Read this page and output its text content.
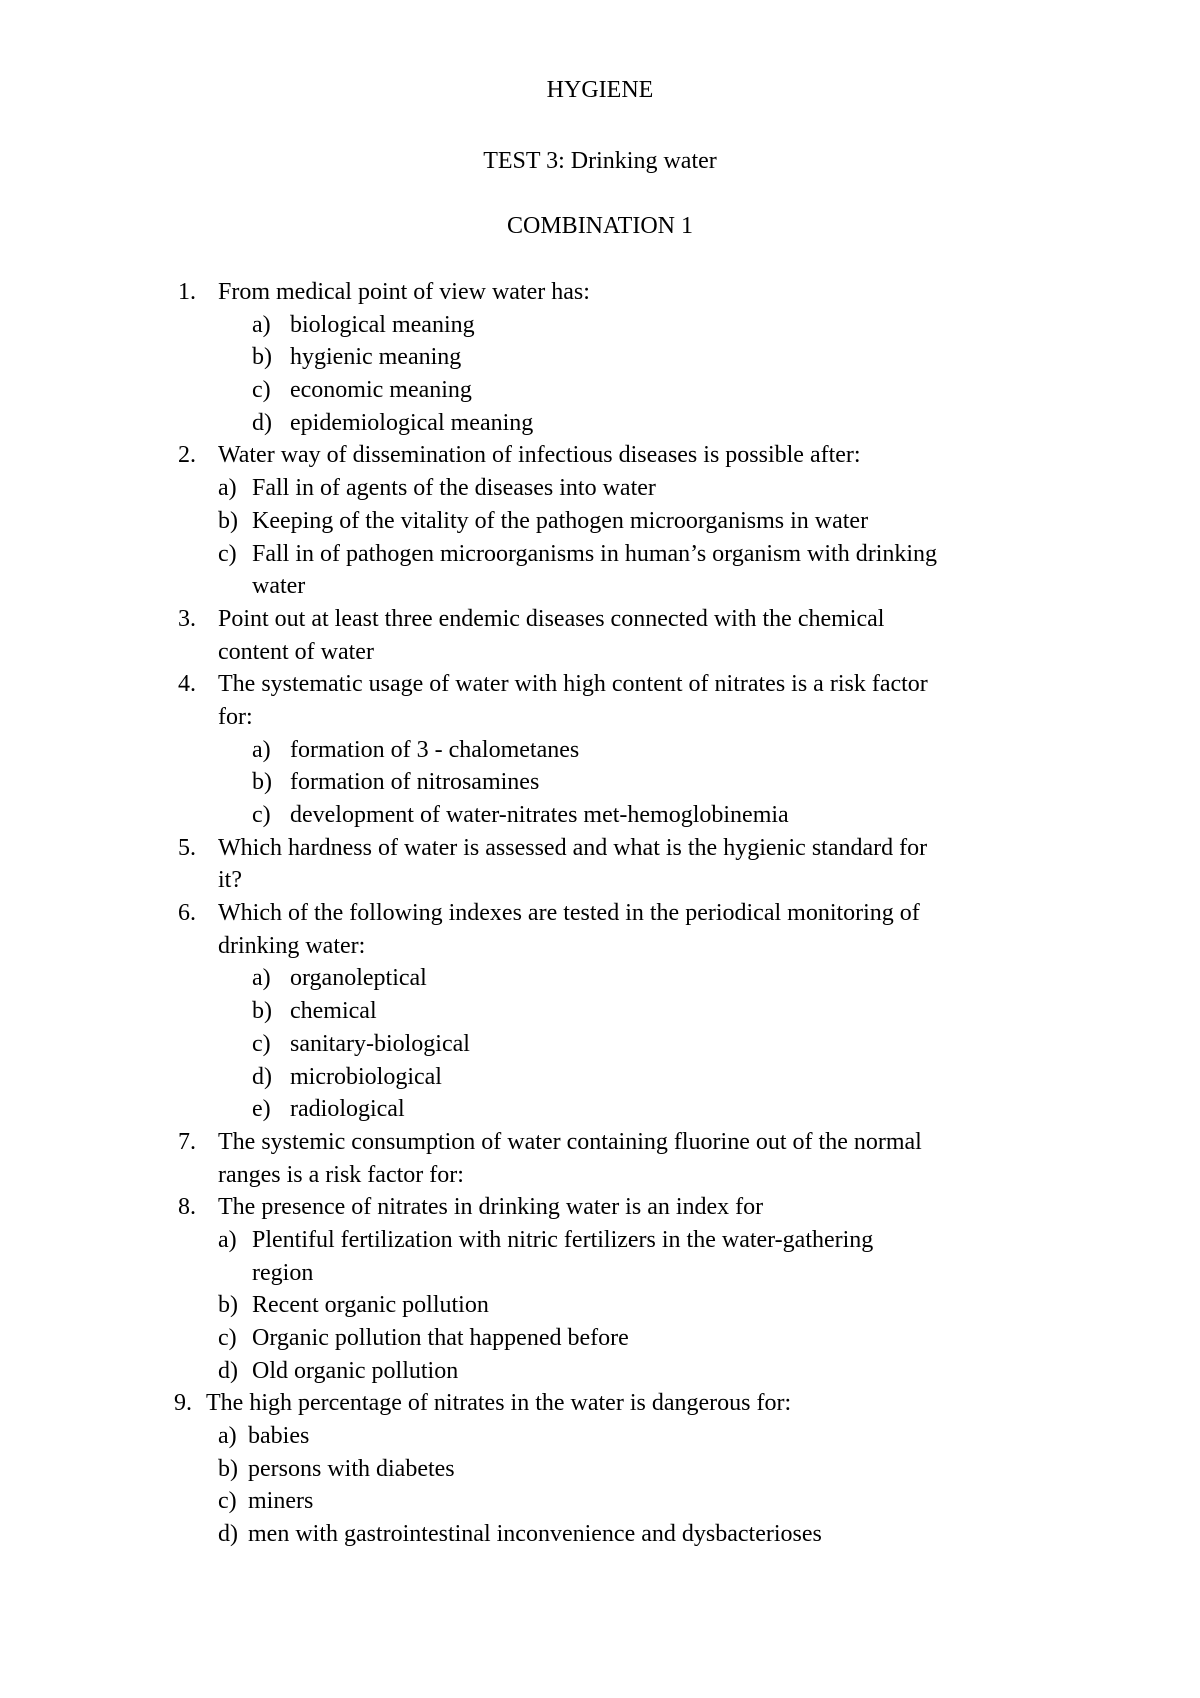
HYGIENE
TEST 3: Drinking water
COMBINATION 1
1. From medical point of view water has:
a) biological meaning
b) hygienic meaning
c) economic meaning
d) epidemiological meaning
2. Water way of dissemination of infectious diseases is possible after:
a) Fall in of agents of the diseases into water
b) Keeping of the vitality of the pathogen microorganisms in water
c) Fall in of pathogen microorganisms in human’s organism with drinking
water
3. Point out at least three endemic diseases connected with the chemical
content of water
4. The systematic usage of water with high content of nitrates is a risk factor
for:
a) formation of 3 - chalometanes
b) formation of nitrosamines
c) development of water-nitrates met-hemoglobinemia
5. Which hardness of water is assessed and what is the hygienic standard for
it?
6. Which of the following indexes are tested in the periodical monitoring of
drinking water:
a) organoleptical
b) chemical
c) sanitary-biological
d) microbiological
e) radiological
7. The systemic consumption of water containing fluorine out of the normal
ranges is a risk factor for:
8. The presence of nitrates in drinking water is an index for
a) Plentiful fertilization with nitric fertilizers in the water-gathering
region
b) Recent organic pollution
c) Organic pollution that happened before
d) Old organic pollution
9. The high percentage of nitrates in the water is dangerous for:
a) babies
b) persons with diabetes
c) miners
d) men with gastrointestinal inconvenience and dysbacterioses
